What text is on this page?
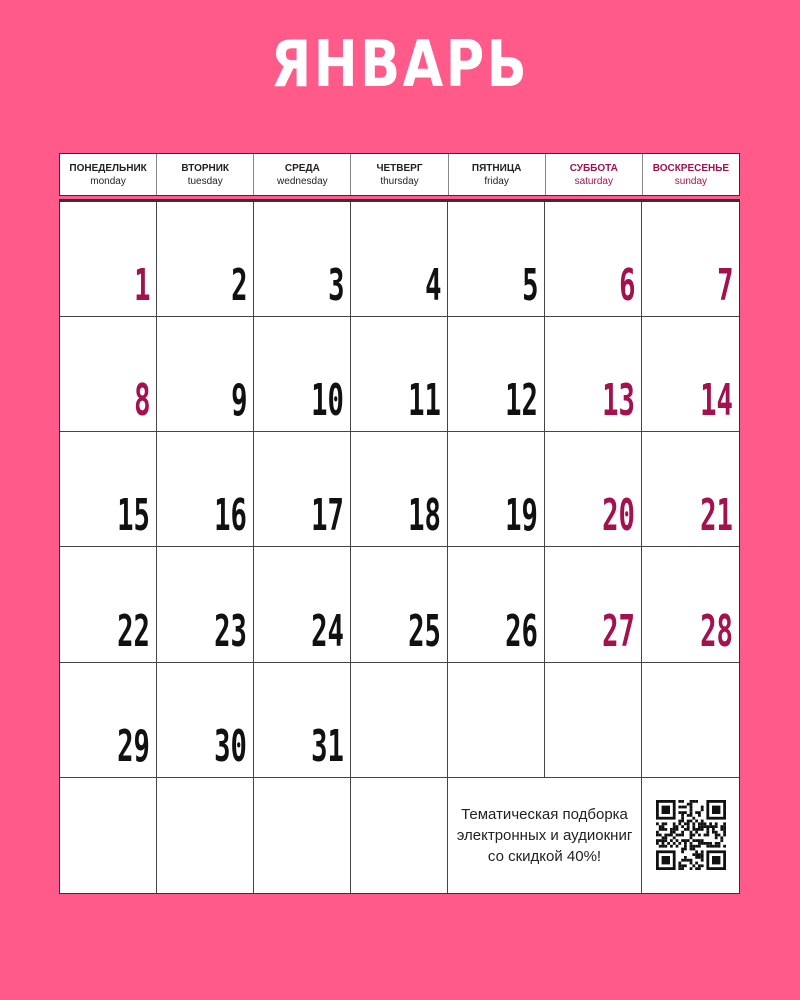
ЯНВАРЬ
ПОНЕДЕЛЬНИК
monday
ВТОРНИК
tuesday
СРЕДА
wednesday
ЧЕТВЕРГ
thursday
ПЯТНИЦА
friday
СУББОТА
saturday
ВОСКРЕСЕНЬЕ
sunday
1 2 3 4 5 6 7
8 9 10 11 12 13 14
15 16 17 18 19 20 21
22 23 24 25 26 27 28
29 30 31
Тематическая подборка
электронных и аудиокниг
со скидкой 40%!
